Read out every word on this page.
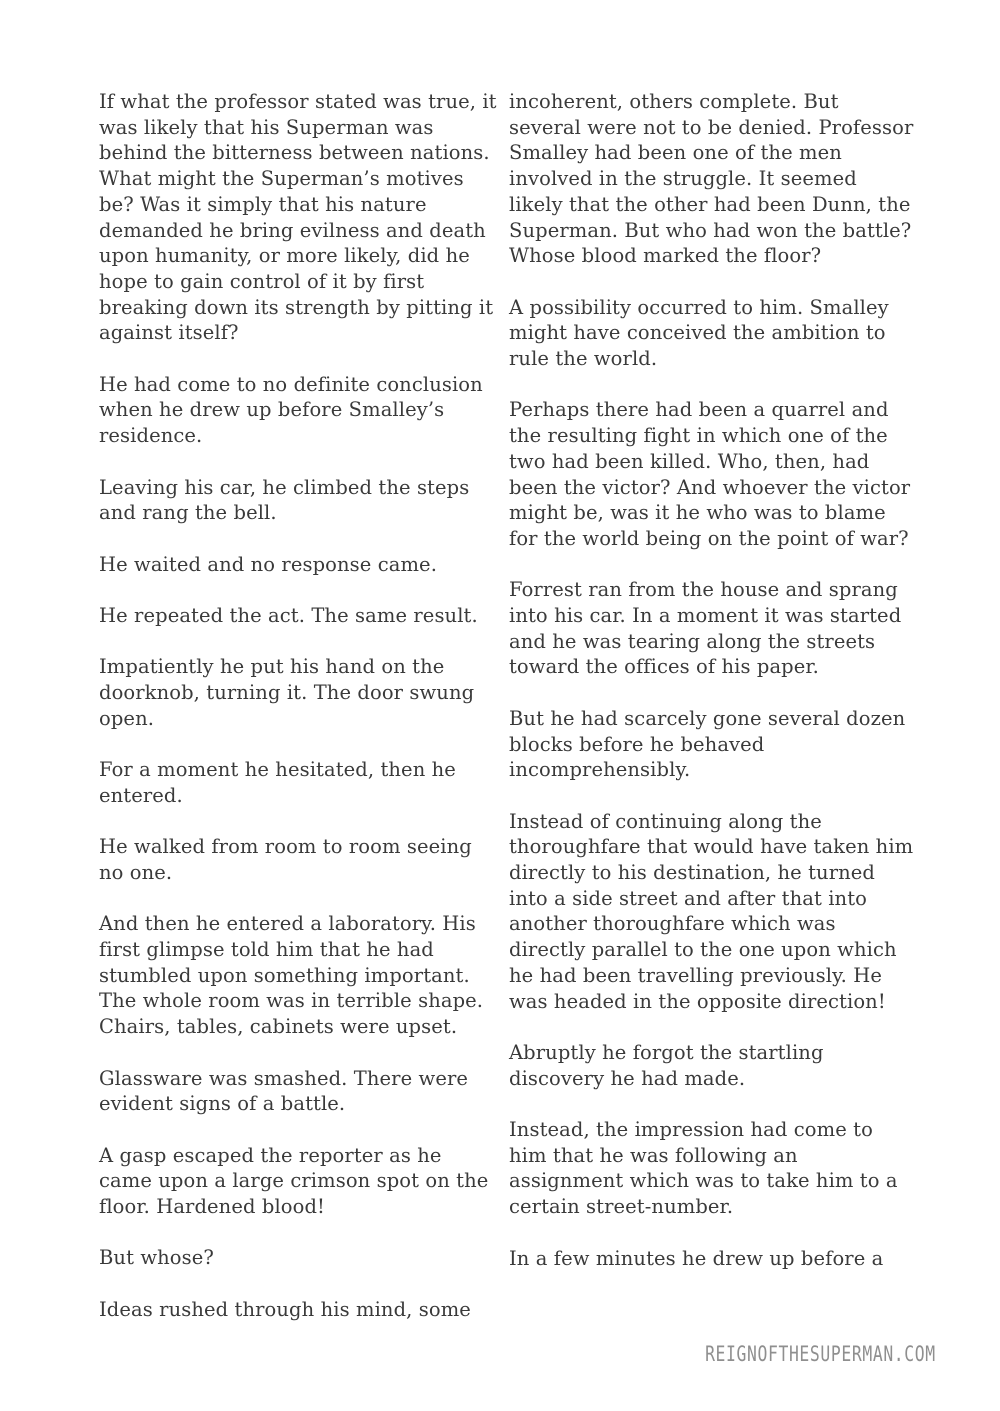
If what the professor stated was true, it was likely that his Superman was behind the bitterness between nations. What might the Superman’s motives be? Was it simply that his nature demanded he bring evilness and death upon humanity, or more likely, did he hope to gain control of it by first breaking down its strength by pitting it against itself?

He had come to no definite conclusion when he drew up before Smalley’s residence.

Leaving his car, he climbed the steps and rang the bell.

He waited and no response came.

He repeated the act. The same result.

Impatiently he put his hand on the doorknob, turning it. The door swung open.

For a moment he hesitated, then he entered.

He walked from room to room seeing no one.

And then he entered a laboratory. His first glimpse told him that he had stumbled upon something important. The whole room was in terrible shape. Chairs, tables, cabinets were upset.

Glassware was smashed. There were evident signs of a battle.

A gasp escaped the reporter as he came upon a large crimson spot on the floor. Hardened blood!

But whose?

Ideas rushed through his mind, some

incoherent, others complete. But several were not to be denied. Professor Smalley had been one of the men involved in the struggle. It seemed likely that the other had been Dunn, the Superman. But who had won the battle? Whose blood marked the floor?

A possibility occurred to him. Smalley might have conceived the ambition to rule the world.

Perhaps there had been a quarrel and the resulting fight in which one of the two had been killed. Who, then, had been the victor? And whoever the victor might be, was it he who was to blame for the world being on the point of war?

Forrest ran from the house and sprang into his car. In a moment it was started and he was tearing along the streets toward the offices of his paper.

But he had scarcely gone several dozen blocks before he behaved incomprehensibly.

Instead of continuing along the thoroughfare that would have taken him directly to his destination, he turned into a side street and after that into another thoroughfare which was directly parallel to the one upon which he had been travelling previously. He was headed in the opposite direction!

Abruptly he forgot the startling discovery he had made.

Instead, the impression had come to him that he was following an assignment which was to take him to a certain street-number.

In a few minutes he drew up before a

REIGNOFTHESUPERMAN.COM
